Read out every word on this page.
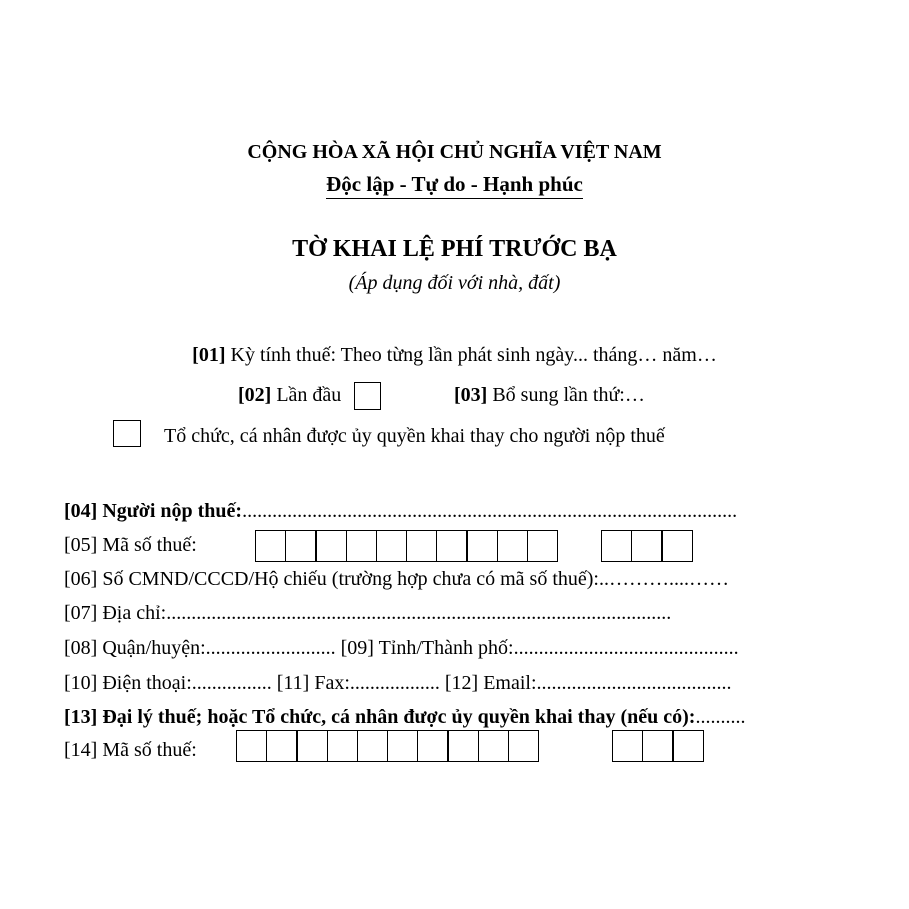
CỘNG HÒA XÃ HỘI CHỦ NGHĨA VIỆT NAM
Độc lập - Tự do - Hạnh phúc
TỜ KHAI LỆ PHÍ TRƯỚC BẠ
(Áp dụng đối với nhà, đất)
[01] Kỳ tính thuế: Theo từng lần phát sinh ngày... tháng… năm…
[02] Lần đầu	[03] Bổ sung lần thứ:…
Tổ chức, cá nhân được ủy quyền khai thay cho người nộp thuế
[04] Người nộp thuế:...................................................................................................
[05] Mã số thuế:
[06] Số CMND/CCCD/Hộ chiếu (trường hợp chưa có mã số thuế):..………....……
[07] Địa chỉ:.....................................................................................................
[08] Quận/huyện:.......................... [09] Tỉnh/Thành phố:.............................................
[10] Điện thoại:................ [11] Fax:.................. [12] Email:.......................................
[13] Đại lý thuế; hoặc Tổ chức, cá nhân được ủy quyền khai thay (nếu có):..........
[14] Mã số thuế:
